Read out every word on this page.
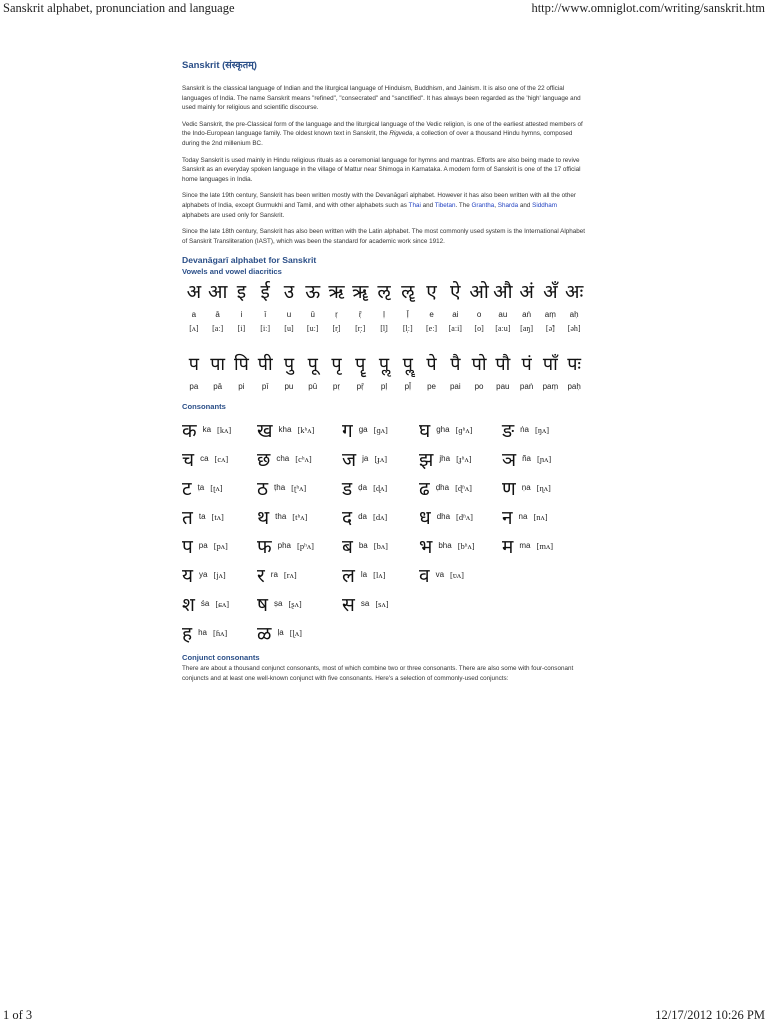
Sanskrit alphabet, pronunciation and language	http://www.omniglot.com/writing/sanskrit.htm
Sanskrit (संस्कृतम्)

Sanskrit is the classical language of Indian and the liturgical language of Hinduism, Buddhism, and Jainism. It is also one of the 22 official languages of India. The name Sanskrit means "refined", "consecrated" and "sanctified". It has always been regarded as the 'high' language and used mainly for religious and scientific discourse.

Vedic Sanskrit, the pre-Classical form of the language and the liturgical language of the Vedic religion, is one of the earliest attested members of the Indo-European language family. The oldest known text in Sanskrit, the Rigveda, a collection of over a thousand Hindu hymns, composed during the 2nd millenium BC.

Today Sanskrit is used mainly in Hindu religious rituals as a ceremonial language for hymns and mantras. Efforts are also being made to revive Sanskrit as an everyday spoken language in the village of Mattur near Shimoga in Karnataka. A modern form of Sanskrit is one of the 17 official home languages in India.

Since the late 19th century, Sanskrit has been written mostly with the Devanāgarī alphabet. However it has also been written with all the other alphabets of India, except Gurmukhi and Tamil, and with other alphabets such as Thai and Tibetan. The Grantha, Sharda and Siddham alphabets are used only for Sanskrit.

Since the late 18th century, Sanskrit has also been written with the Latin alphabet. The most commonly used system is the International Alphabet of Sanskrit Transliteration (IAST), which was been the standard for academic work since 1912.

Devanāgarī alphabet for Sanskrit
Vowels and vowel diacritics
अ आ इ ई उ ऊ ऋ ॠ ऌ ॡ ए ऐ ओ औ अं अँ अः
a	ā	i	ī	u	ū	ṛ	ṝ	ḷ	ḹ	e	ai	o	au	aṅ	aṃ	aḥ
[ʌ]	[aː]	[i]	[iː]	[u]	[uː]	[r̩]	[r̩ː]	[l̩]	[l̩ː]	[eː]	[aːi]	[o]	[aːu]	[aŋ]	[ə̃]	[əh]
प पा पि पी पु पू पृ पॄ पॢ पॣ पे पै पो पौ पं पाँ पः
pa	pā	pi	pī	pu	pū	pṛ	pṝ	pḷ	pḹ	pe	pai	po	pau	paṅ	paṃ	paḥ
Consonants
क ka [kʌ] ख kha [kʰʌ] ग ga [ɡʌ] घ gha [ɡʱʌ] ङ ṅa [ŋʌ]
च ca [cʌ] छ cha [cʰʌ] ज ja [ɟʌ] झ jha [ɟʱʌ] ञ ña [ɲʌ]
ट ṭa [ʈʌ] ठ ṭha [ʈʰʌ] ड ḍa [ɖʌ] ढ ḍha [ɖʱʌ] ण ṇa [ɳʌ]
त ta [tʌ] थ tha [tʰʌ] द da [dʌ] ध dha [dʱʌ] न na [nʌ]
प pa [pʌ] फ pha [pʰʌ] ब ba [bʌ] भ bha [bʱʌ] म ma [mʌ]
य ya [jʌ] र ra [rʌ] ल la [lʌ] व va [ʋʌ]
श śa [ɕʌ] ष ṣa [ʂʌ] स sa [sʌ]
ह ha [ɦʌ] ळ ḷa [ɭʌ]
Conjunct consonants

There are about a thousand conjunct consonants, most of which combine two or three consonants. There are also some with four-consonant conjuncts and at least one well-known conjunct with five consonants. Here's a selection of commonly-used conjuncts:

1 of 3	12/17/2012 10:26 PM
